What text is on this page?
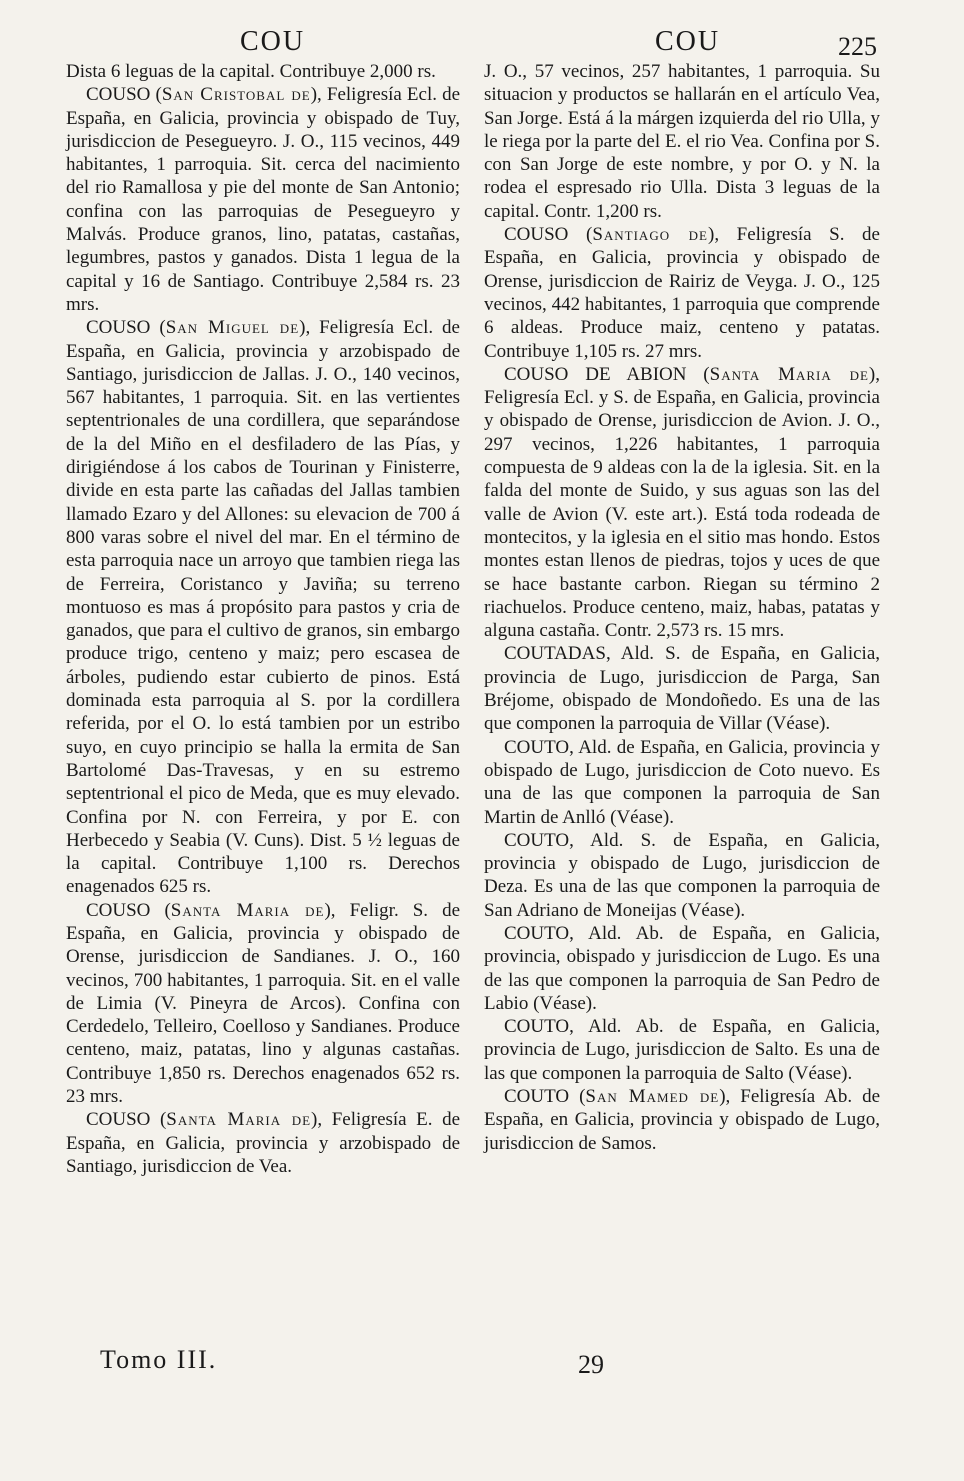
COU	COU	225

Dista 6 leguas de la capital. Contribuye 2,000 rs.

COUSO (San Cristobal de), Feligresía Ecl. de España, en Galicia, provincia y obispado de Tuy, jurisdiccion de Pesegueyro. J. O., 115 vecinos, 449 habitantes, 1 parroquia. Sit. cerca del nacimiento del rio Ramallosa y pie del monte de San Antonio; confina con las parroquias de Pesegueyro y Malvás. Produce granos, lino, patatas, castañas, legumbres, pastos y ganados. Dista 1 legua de la capital y 16 de Santiago. Contribuye 2,584 rs. 23 mrs.

COUSO (San Miguel de), Feligresía Ecl. de España, en Galicia, provincia y arzobispado de Santiago, jurisdiccion de Jallas. J. O., 140 vecinos, 567 habitantes, 1 parroquia. Sit. en las vertientes septentrionales de una cordillera, que separándose de la del Miño en el desfiladero de las Pías, y dirigiéndose á los cabos de Tourinan y Finisterre, divide en esta parte las cañadas del Jallas tambien llamado Ezaro y del Allones: su elevacion de 700 á 800 varas sobre el nivel del mar. En el término de esta parroquia nace un arroyo que tambien riega las de Ferreira, Coristanco y Javiña; su terreno montuoso es mas á propósito para pastos y cria de ganados, que para el cultivo de granos, sin embargo produce trigo, centeno y maiz; pero escasea de árboles, pudiendo estar cubierto de pinos. Está dominada esta parroquia al S. por la cordillera referida, por el O. lo está tambien por un estribo suyo, en cuyo principio se halla la ermita de San Bartolomé Das-Travesas, y en su estremo septentrional el pico de Meda, que es muy elevado. Confina por N. con Ferreira, y por E. con Herbecedo y Seabia (V. Cuns). Dist. 5 ½ leguas de la capital. Contribuye 1,100 rs. Derechos enagenados 625 rs.

COUSO (Santa Maria de), Feligr. S. de España, en Galicia, provincia y obispado de Orense, jurisdiccion de Sandianes. J. O., 160 vecinos, 700 habitantes, 1 parroquia. Sit. en el valle de Limia (V. Pineyra de Arcos). Confina con Cerdedelo, Telleiro, Coelloso y Sandianes. Produce centeno, maiz, patatas, lino y algunas castañas. Contribuye 1,850 rs. Derechos enagenados 652 rs. 23 mrs.

COUSO (Santa Maria de), Feligresía E. de España, en Galicia, provincia y arzobispado de Santiago, jurisdiccion de Vea.

J. O., 57 vecinos, 257 habitantes, 1 parroquia. Su situacion y productos se hallarán en el artículo Vea, San Jorge. Está á la márgen izquierda del rio Ulla, y le riega por la parte del E. el rio Vea. Confina por S. con San Jorge de este nombre, y por O. y N. la rodea el espresado rio Ulla. Dista 3 leguas de la capital. Contr. 1,200 rs.

COUSO (Santiago de), Feligresía S. de España, en Galicia, provincia y obispado de Orense, jurisdiccion de Rairiz de Veyga. J. O., 125 vecinos, 442 habitantes, 1 parroquia que comprende 6 aldeas. Produce maiz, centeno y patatas. Contribuye 1,105 rs. 27 mrs.

COUSO DE ABION (Santa Maria de), Feligresía Ecl. y S. de España, en Galicia, provincia y obispado de Orense, jurisdiccion de Avion. J. O., 297 vecinos, 1,226 habitantes, 1 parroquia compuesta de 9 aldeas con la de la iglesia. Sit. en la falda del monte de Suido, y sus aguas son las del valle de Avion (V. este art.). Está toda rodeada de montecitos, y la iglesia en el sitio mas hondo. Estos montes estan llenos de piedras, tojos y uces de que se hace bastante carbon. Riegan su término 2 riachuelos. Produce centeno, maiz, habas, patatas y alguna castaña. Contr. 2,573 rs. 15 mrs.

COUTADAS, Ald. S. de España, en Galicia, provincia de Lugo, jurisdiccion de Parga, San Bréjome, obispado de Mondoñedo. Es una de las que componen la parroquia de Villar (Véase).

COUTO, Ald. de España, en Galicia, provincia y obispado de Lugo, jurisdiccion de Coto nuevo. Es una de las que componen la parroquia de San Martin de Anlló (Véase).

COUTO, Ald. S. de España, en Galicia, provincia y obispado de Lugo, jurisdiccion de Deza. Es una de las que componen la parroquia de San Adriano de Moneijas (Véase).

COUTO, Ald. Ab. de España, en Galicia, provincia, obispado y jurisdiccion de Lugo. Es una de las que componen la parroquia de San Pedro de Labio (Véase).

COUTO, Ald. Ab. de España, en Galicia, provincia de Lugo, jurisdiccion de Salto. Es una de las que componen la parroquia de Salto (Véase).

COUTO (San Mamed de), Feligresía Ab. de España, en Galicia, provincia y obispado de Lugo, jurisdiccion de Samos.

Tomo III.	29
